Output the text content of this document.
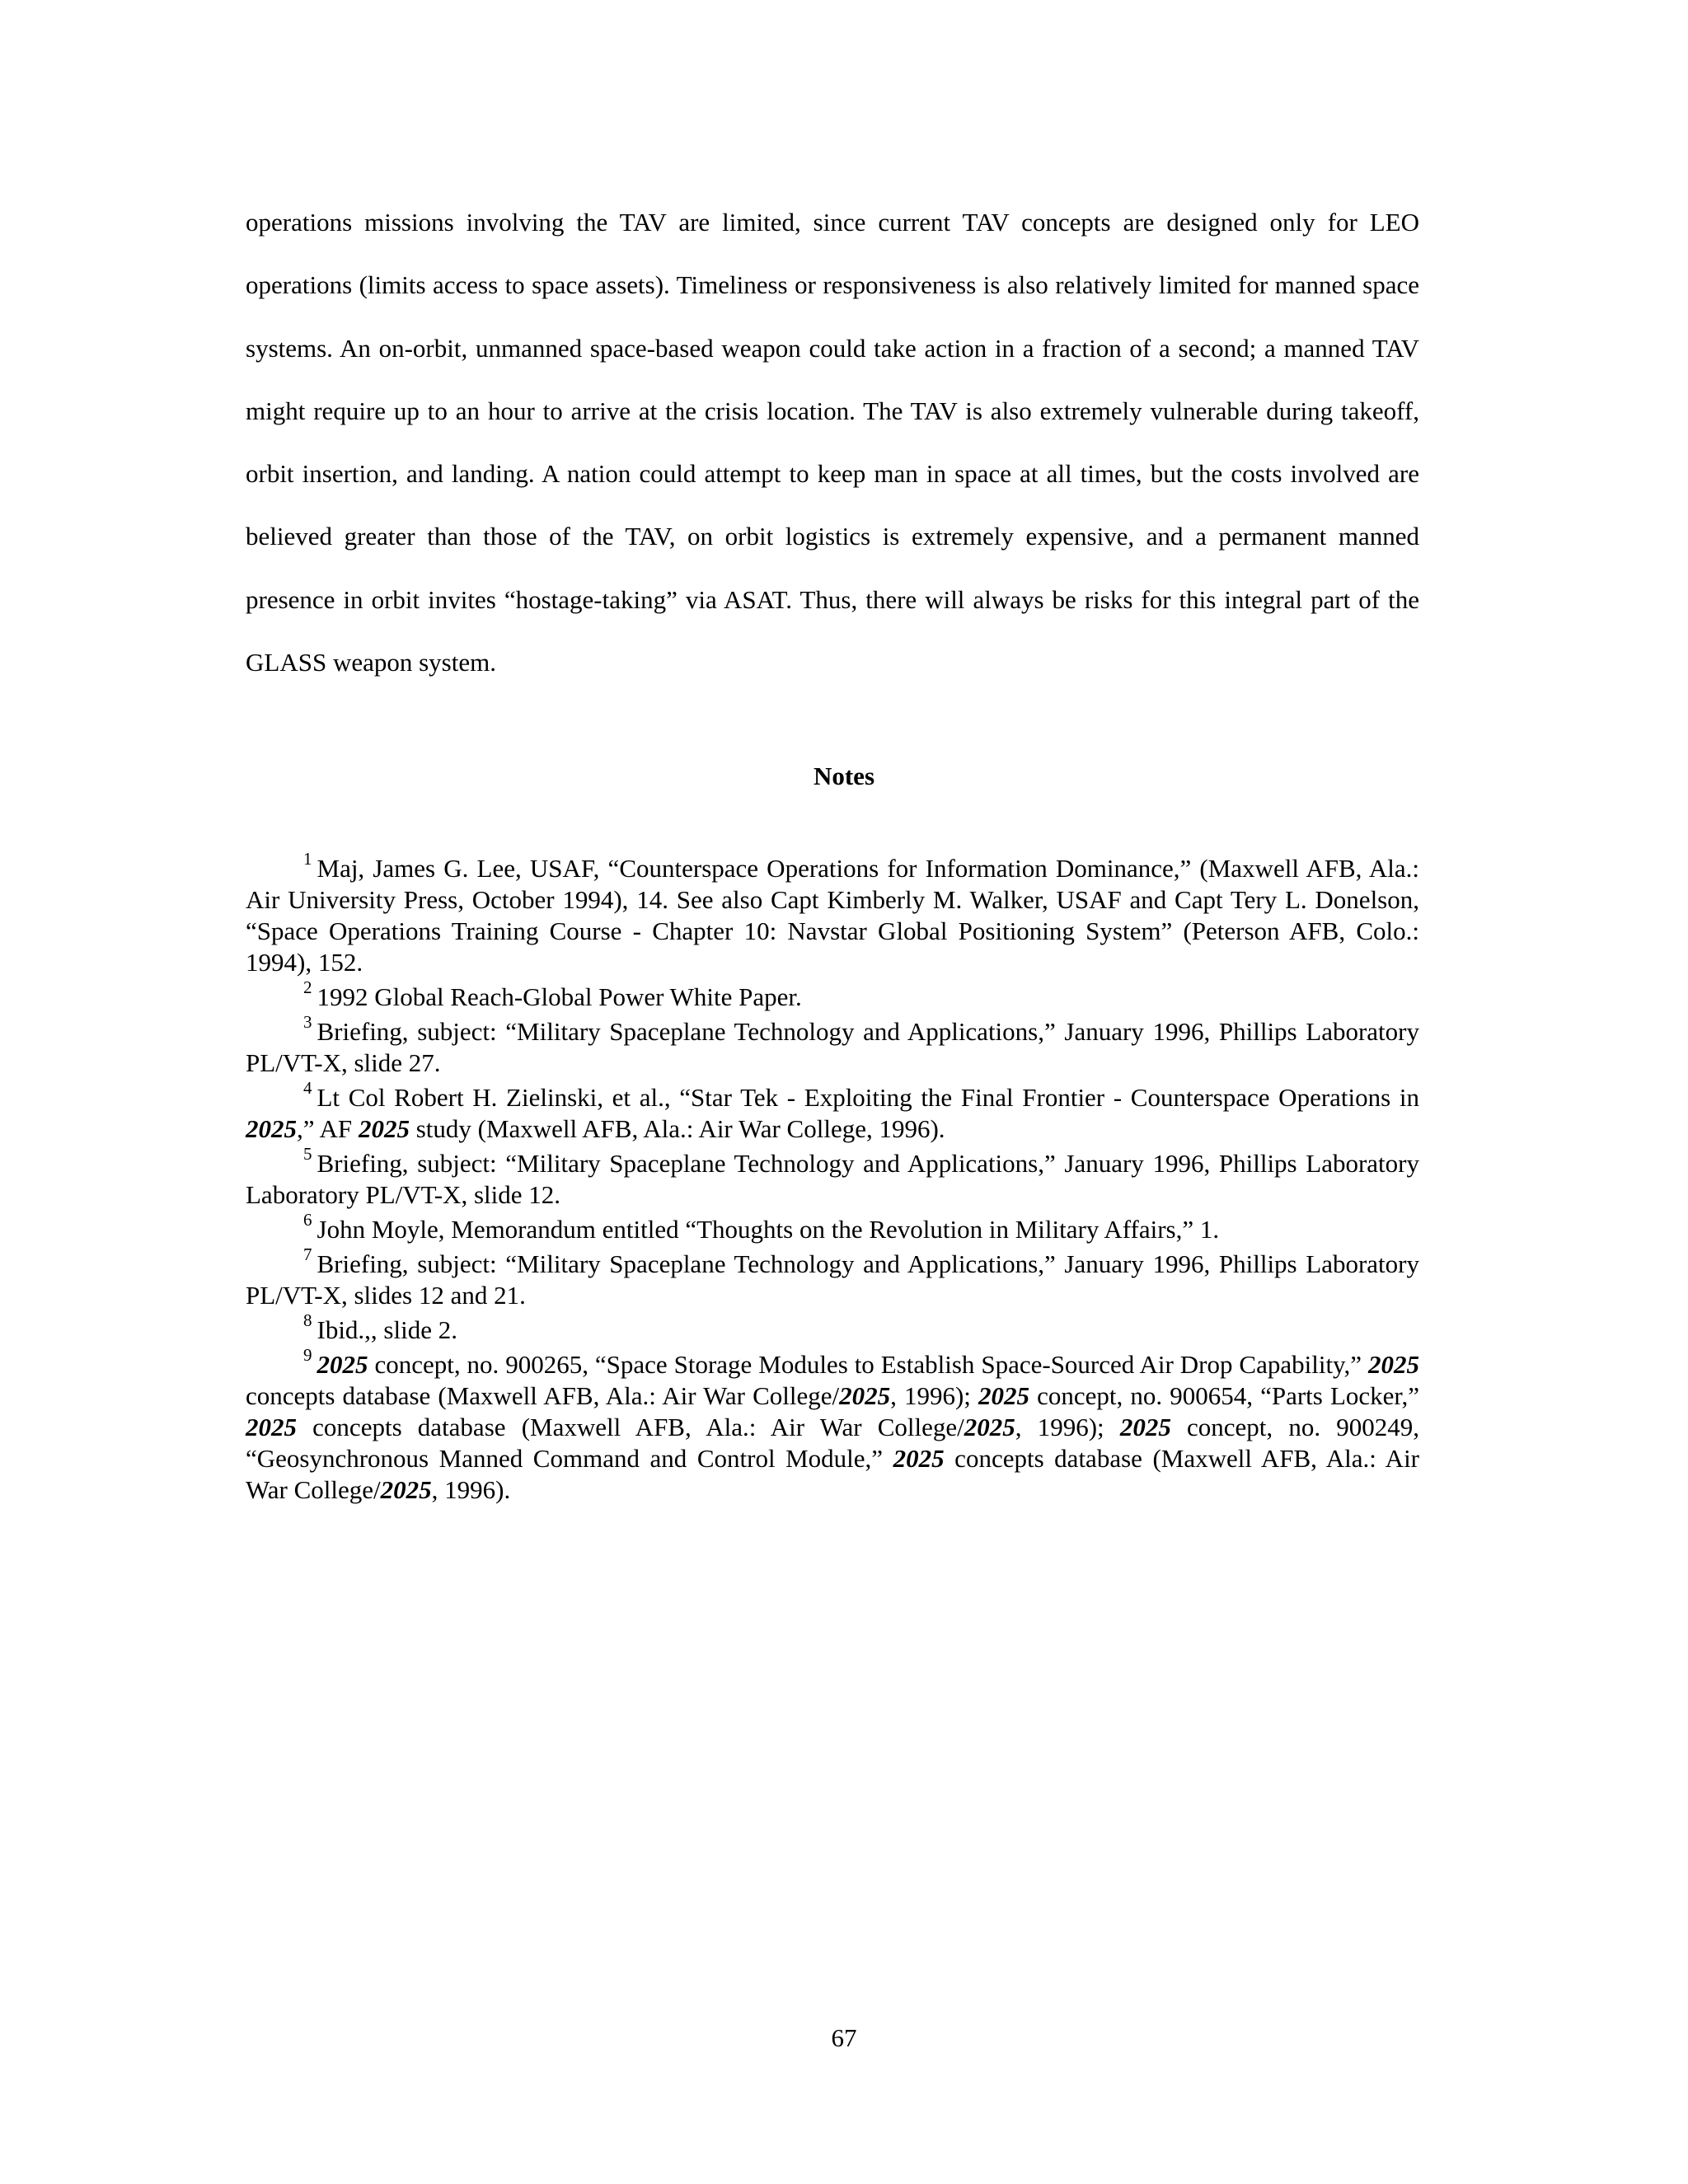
operations missions involving the TAV are limited, since current TAV concepts are designed only for LEO operations (limits access to space assets). Timeliness or responsiveness is also relatively limited for manned space systems. An on-orbit, unmanned space-based weapon could take action in a fraction of a second; a manned TAV might require up to an hour to arrive at the crisis location. The TAV is also extremely vulnerable during takeoff, orbit insertion, and landing. A nation could attempt to keep man in space at all times, but the costs involved are believed greater than those of the TAV, on orbit logistics is extremely expensive, and a permanent manned presence in orbit invites “hostage-taking” via ASAT. Thus, there will always be risks for this integral part of the GLASS weapon system.

Notes

$^1$ Maj, James G. Lee, USAF, “Counterspace Operations for Information Dominance,” (Maxwell AFB, Ala.: Air University Press, October 1994), 14. See also Capt Kimberly M. Walker, USAF and Capt Tery L. Donelson, “Space Operations Training Course - Chapter 10: Navstar Global Positioning System” (Peterson AFB, Colo.: 1994), 152.

$^2$ 1992 Global Reach-Global Power White Paper.

$^3$ Briefing, subject: “Military Spaceplane Technology and Applications,” January 1996, Phillips Laboratory PL/VT-X, slide 27.

$^4$ Lt Col Robert H. Zielinski, et al., “Star Tek - Exploiting the Final Frontier - Counterspace Operations in 2025,” AF 2025 study (Maxwell AFB, Ala.: Air War College, 1996).

$^5$ Briefing, subject: “Military Spaceplane Technology and Applications,” January 1996, Phillips Laboratory Laboratory PL/VT-X, slide 12.

$^6$ John Moyle, Memorandum entitled “Thoughts on the Revolution in Military Affairs,” 1.

$^7$ Briefing, subject: “Military Spaceplane Technology and Applications,” January 1996, Phillips Laboratory PL/VT-X, slides 12 and 21.

$^8$ Ibid.,, slide 2.

$^9$ 2025 concept, no. 900265, “Space Storage Modules to Establish Space-Sourced Air Drop Capability,” 2025 concepts database (Maxwell AFB, Ala.: Air War College/2025, 1996); 2025 concept, no. 900654, “Parts Locker,” 2025 concepts database (Maxwell AFB, Ala.: Air War College/2025, 1996); 2025 concept, no. 900249, “Geosynchronous Manned Command and Control Module,” 2025 concepts database (Maxwell AFB, Ala.: Air War College/2025, 1996).

67
